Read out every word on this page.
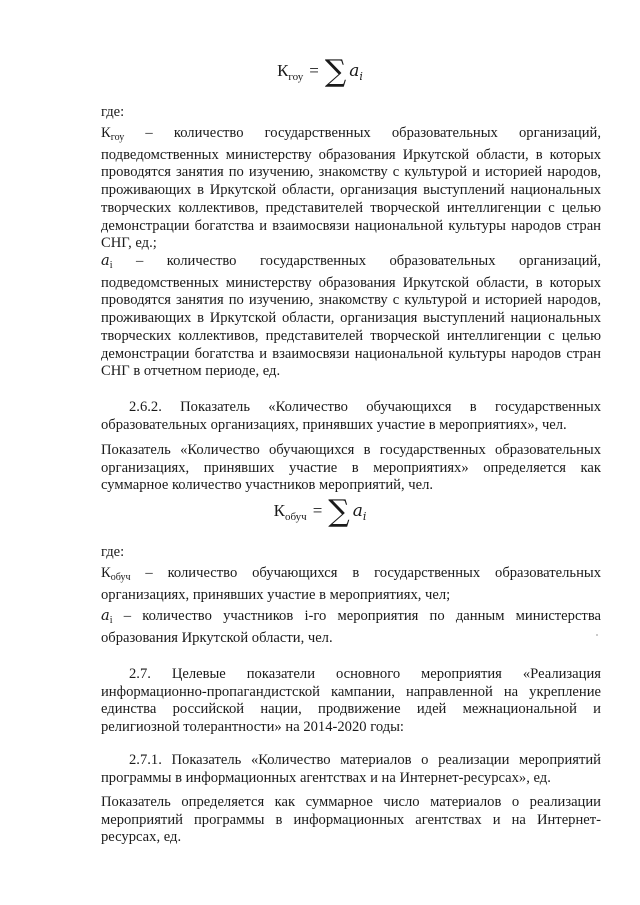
$К_{гоу}$ = ∑ $a_i$
где:
$К_{гоу}$ – количество государственных образовательных организаций, подведомственных министерству образования Иркутской области, в которых проводятся занятия по изучению, знакомству с культурой и историей народов, проживающих в Иркутской области, организация выступлений национальных творческих коллективов, представителей творческой интеллигенции с целью демонстрации богатства и взаимосвязи национальной культуры народов стран СНГ, ед.;
$a_i$ – количество государственных образовательных организаций, подведомственных министерству образования Иркутской области, в которых проводятся занятия по изучению, знакомству с культурой и историей народов, проживающих в Иркутской области, организация выступлений национальных творческих коллективов, представителей творческой интеллигенции с целью демонстрации богатства и взаимосвязи национальной культуры народов стран СНГ в отчетном периоде, ед.
2.6.2. Показатель «Количество обучающихся в государственных образовательных организациях, принявших участие в мероприятиях», чел.
Показатель «Количество обучающихся в государственных образовательных организациях, принявших участие в мероприятиях» определяется как суммарное количество участников мероприятий, чел.
$К_{обуч}$ = ∑ $a_i$
где:
$К_{обуч}$ – количество обучающихся в государственных образовательных организациях, принявших участие в мероприятиях, чел;
$a_i$ – количество участников i-го мероприятия по данным министерства образования Иркутской области, чел.
2.7. Целевые показатели основного мероприятия «Реализация информационно-пропагандистской кампании, направленной на укрепление единства российской нации, продвижение идей межнациональной и религиозной толерантности» на 2014-2020 годы:
2.7.1. Показатель «Количество материалов о реализации мероприятий программы в информационных агентствах и на Интернет-ресурсах», ед.
Показатель определяется как суммарное число материалов о реализации мероприятий программы в информационных агентствах и на Интернет-ресурсах, ед.
